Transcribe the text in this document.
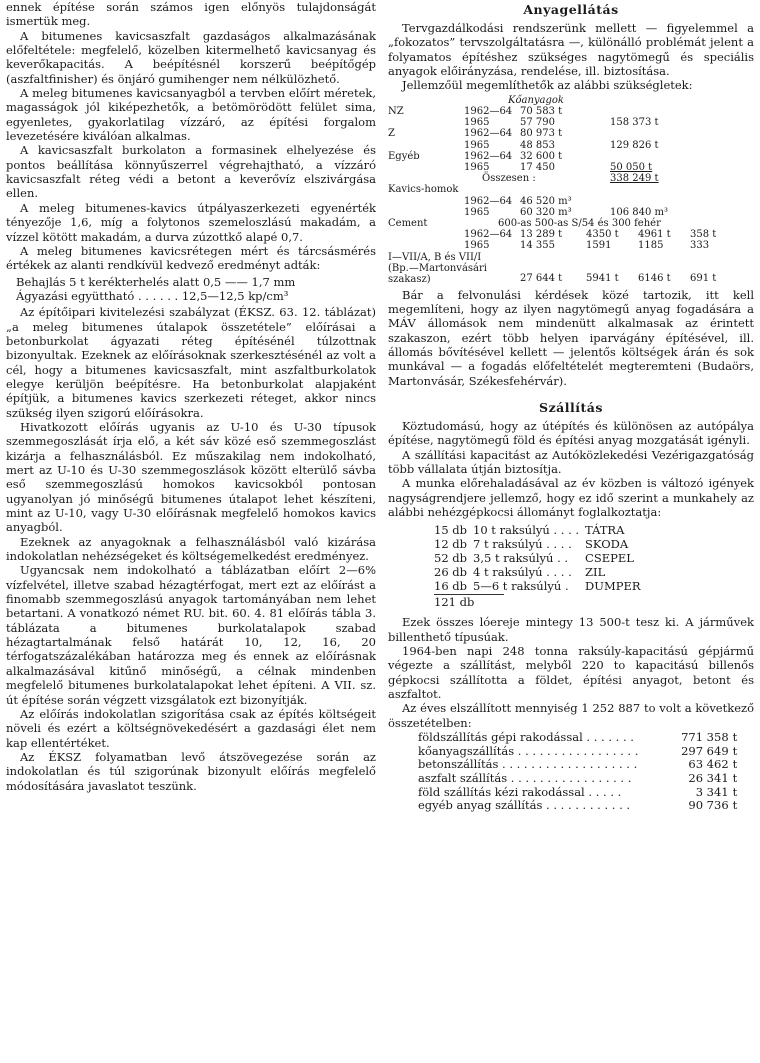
ennek építése során számos igen előnyös tulajdonságát ismertük meg.

A bitumenes kavicsaszfalt gazdaságos alkalmazásának előfeltétele: megfelelő, közelben kitermelhető kavicsanyag és keverőkapacitás. A beépítésnél korszerű beépítőgép (aszfaltfinisher) és önjáró gumihenger nem nélkülözhető.

A meleg bitumenes kavicsanyagból a tervben előírt méretek, magasságok jól kiképezhetők, a betömörödött felület sima, egyenletes, gyakorlatilag vízzáró, az építési forgalom levezetésére kiválóan alkalmas.

A kavicsaszfalt burkolaton a formasinek elhelyezése és pontos beállítása könnyűszerrel végrehajtható, a vízzáró kavicsaszfalt réteg védi a betont a keverővíz elszivárgása ellen.

A meleg bitumenes-kavics útpályaszerkezeti egyenérték tényezője 1,6, míg a folytonos szemeloszlású makadám, a vízzel kötött makadám, a durva zúzottkő alapé 0,7.

A meleg bitumenes kavicsrétegen mért és tárcsásmérés értékek az alanti rendkívül kedvező eredményt adták:

Behajlás 5 t kerékterhelés alatt 0,5 —— 1,7 mm
Ágyazási együttható . . . . . . 12,5—12,5 kp/cm³

Az építőipari kivitelezési szabályzat (ÉKSZ. 63. 12. táblázat) „a meleg bitumenes útalapok összetétele” előírásai a betonburkolat ágyazati réteg építésénél túlzottnak bizonyultak. Ezeknek az előírásoknak szerkesztésénél az volt a cél, hogy a bitumenes kavicsaszfalt, mint aszfaltburkolatok elegye kerüljön beépítésre. Ha betonburkolat alapjaként építjük, a bitumenes kavics szerkezeti réteget, akkor nincs szükség ilyen szigorú előírásokra.

Hivatkozott előírás ugyanis az U-10 és U-30 típusok szemmegoszlását írja elő, a két sáv közé eső szemmegoszlást kizárja a felhasználásból. Ez műszakilag nem indokolható, mert az U-10 és U-30 szemmegoszlások között elterülő sávba eső szemmegoszlású homokos kavicsokból pontosan ugyanolyan jó minőségű bitumenes útalapot lehet készíteni, mint az U-10, vagy U-30 előírásnak megfelelő homokos kavics anyagból.

Ezeknek az anyagoknak a felhasználásból való kizárása indokolatlan nehézségeket és költségemelkedést eredményez.

Ugyancsak nem indokolható a táblázatban előírt 2—6% vízfelvétel, illetve szabad hézagtérfogat, mert ezt az előírást a finomabb szemmegoszlású anyagok tartományában nem lehet betartani. A vonatkozó német RU. bit. 60. 4. 81 előírás tábla 3. táblázata a bitumenes burkolatalapok szabad hézagtartalmának felső határát 10, 12, 16, 20 térfogatszázalékában határozza meg és ennek az előírásnak alkalmazásával kitűnő minőségű, a célnak mindenben megfelelő bitumenes burkolatalapokat lehet építeni. A VII. sz. út építése során végzett vizsgálatok ezt bizonyítják.

Az előírás indokolatlan szigorítása csak az építés költségeit növeli és ezért a költségnövekedésért a gazdasági élet nem kap ellentértéket.

Az ÉKSZ folyamatban levő átszövegezése során az indokolatlan és túl szigorúnak bizonyult előírás megfelelő módosítására javaslatot teszünk.

Anyagellátás

Tervgazdálkodási rendszerünk mellett — figyelemmel a „fokozatos” tervszolgáltatásra —, különálló problémát jelent a folyamatos építéshez szükséges nagytömegű és speciális anyagok előirányzása, rendelése, ill. biztosítása.

Jellemzőül megemlíthetők az alábbi szükségletek:

Kőanyagok			
NZ	1962—64	70 583 t	
	1965	57 790	158 373 t
Z	1962—64	80 973 t	
	1965	48 853	129 826 t
Egyéb	1962—64	32 600 t	
	1965	17 450	50 050 t
	Összesen :		338 249 t
Kavics-homok			
	1962—64	46 520 m³	
	1965	60 320 m³	106 840 m³
Cement	600-as 500-as S/54 és 300 fehér				
	1962—64	13 289 t	4350 t	4961 t	358 t
	1965	14 355	1591	1185	333

I—VII/A, B és VII/I
(Bp.—Martonvásári
szakasz)		27 644 t	5941 t	6146 t	691 t

Bár a felvonulási kérdések közé tartozik, itt kell megemlíteni, hogy az ilyen nagytömegű anyag fogadására a MÁV állomások nem mindenütt alkalmasak az érintett szakaszon, ezért több helyen iparvágány építésével, ill. állomás bővítésével kellett — jelentős költségek árán és sok munkával — a fogadás előfeltételét megteremteni (Budaörs, Martonvásár, Székesfehérvár).

Szállítás

Köztudomású, hogy az útépítés és különösen az autópálya építése, nagytömegű föld és építési anyag mozgatását igényli.

A szállítási kapacitást az Autóközlekedési Vezérigazgatóság több vállalata útján biztosítja.

A munka előrehaladásával az év közben is változó igények nagyságrendjere jellemző, hogy ez idő szerint a munkahely az alábbi nehézgépkocsi állományt foglalkoztatja:

15 db	10 t raksúlyú . . . .	TÁTRA
12 db	7 t raksúlyú . . . .	SKODA
52 db	3,5 t raksúlyú . .	CSEPEL
26 db	4 t raksúlyú . . . .	ZIL
16 db	5—6 t raksúlyú .	DUMPER
121 db

Ezek összes lóereje mintegy 13 500-t tesz ki. A járművek billenthető típusúak.

1964-ben napi 248 tonna raksúly-kapacitású gépjármű végezte a szállítást, melyből 220 to kapacitású billenős gépkocsi szállította a földet, építési anyagot, betont és aszfaltot.

Az éves elszállított mennyiség 1 252 887 to volt a következő összetételben:

földszállítás gépi rakodással . . . . . . .	771 358	t
kőanyagszállítás . . . . . . . . . . . . . . . . .	297 649	t
betonszállítás . . . . . . . . . . . . . . . . . . .	63 462	t
aszfalt szállítás . . . . . . . . . . . . . . . . .	26 341	t
föld szállítás kézi rakodással . . . . .	3 341	t
egyéb anyag szállítás . . . . . . . . . . . .	90 736	t
